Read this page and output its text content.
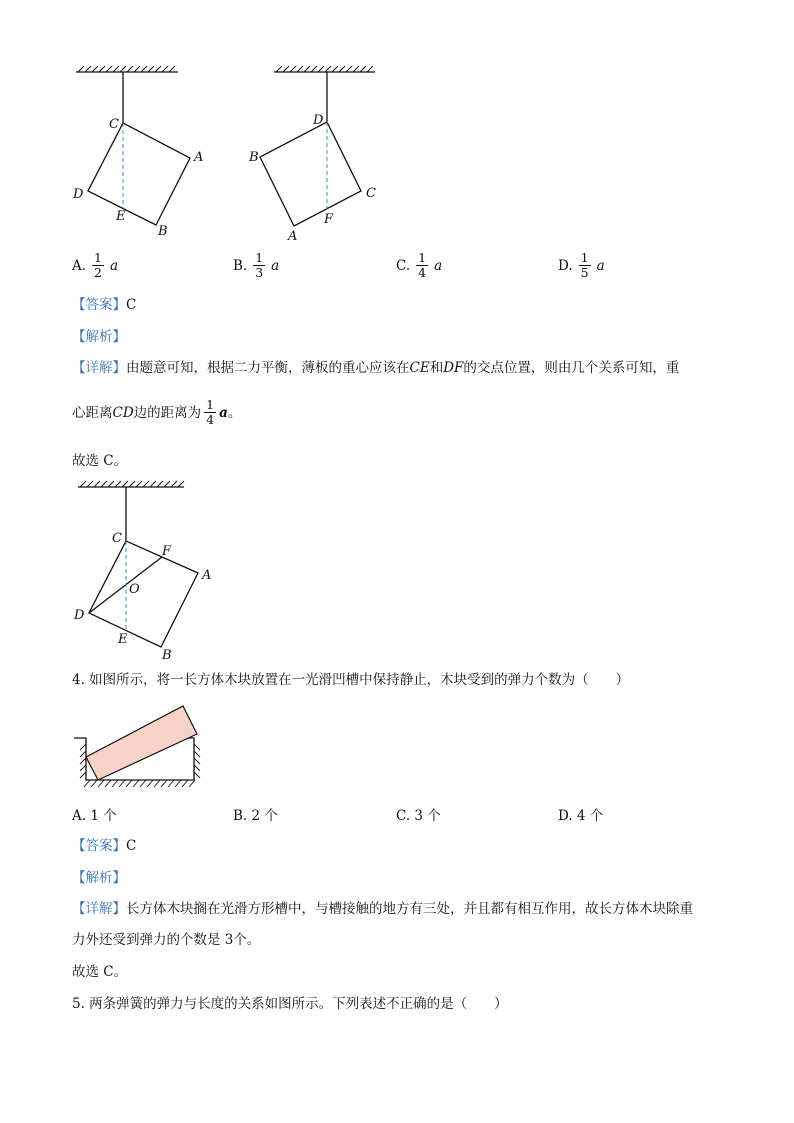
C
A
D
E
B
D
B
C
F
A
A. $\frac{1}{2}$ a	B. $\frac{1}{3}$ a	C. $\frac{1}{4}$ a	D. $\frac{1}{5}$ a
【答案】C
【解析】
【详解】由题意可知，根据二力平衡，薄板的重心应该在CE和DF的交点位置，则由几个关系可知，重
心距离 CD 边的距离为 $\frac{1}{4}$ a 。
故选 C。
C
F
A
O
D
E
B
4. 如图所示，将一长方体木块放置在一光滑凹槽中保持静止，木块受到的弹力个数为（　　）
A. 1 个	B. 2 个	C. 3 个	D. 4 个
【答案】C
【解析】
【详解】长方体木块搁在光滑方形槽中，与槽接触的地方有三处，并且都有相互作用，故长方体木块除重
力外还受到弹力的个数是 3个。
故选 C。
5. 两条弹簧的弹力与长度的关系如图所示。下列表述不正确的是（　　）
